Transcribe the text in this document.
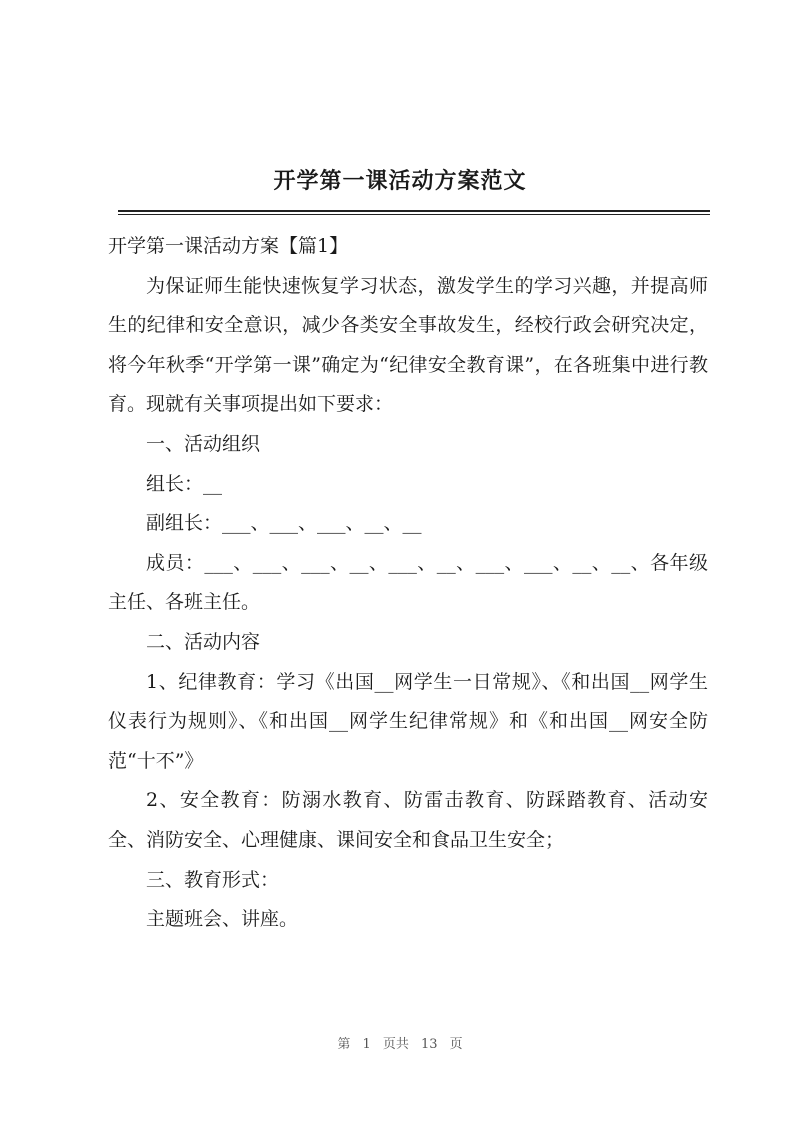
开学第一课活动方案范文

开学第一课活动方案【篇1】

为保证师生能快速恢复学习状态，激发学生的学习兴趣，并提高师生的纪律和安全意识，减少各类安全事故发生，经校行政会研究决定，将今年秋季“开学第一课”确定为“纪律安全教育课”，在各班集中进行教育。现就有关事项提出如下要求：

一、活动组织

组长：__

副组长：___、___、___、__、__

成员：___、___、___、__、___、__、___、___、__、__、各年级主任、各班主任。

二、活动内容

1、纪律教育：学习《出国__网学生一日常规》、《和出国__网学生仪表行为规则》、《和出国__网学生纪律常规》和《和出国__网安全防范“十不”》

2、安全教育：防溺水教育、防雷击教育、防踩踏教育、活动安全、消防安全、心理健康、课间安全和食品卫生安全；

三、教育形式：

主题班会、讲座。

第 1 页共 13 页
